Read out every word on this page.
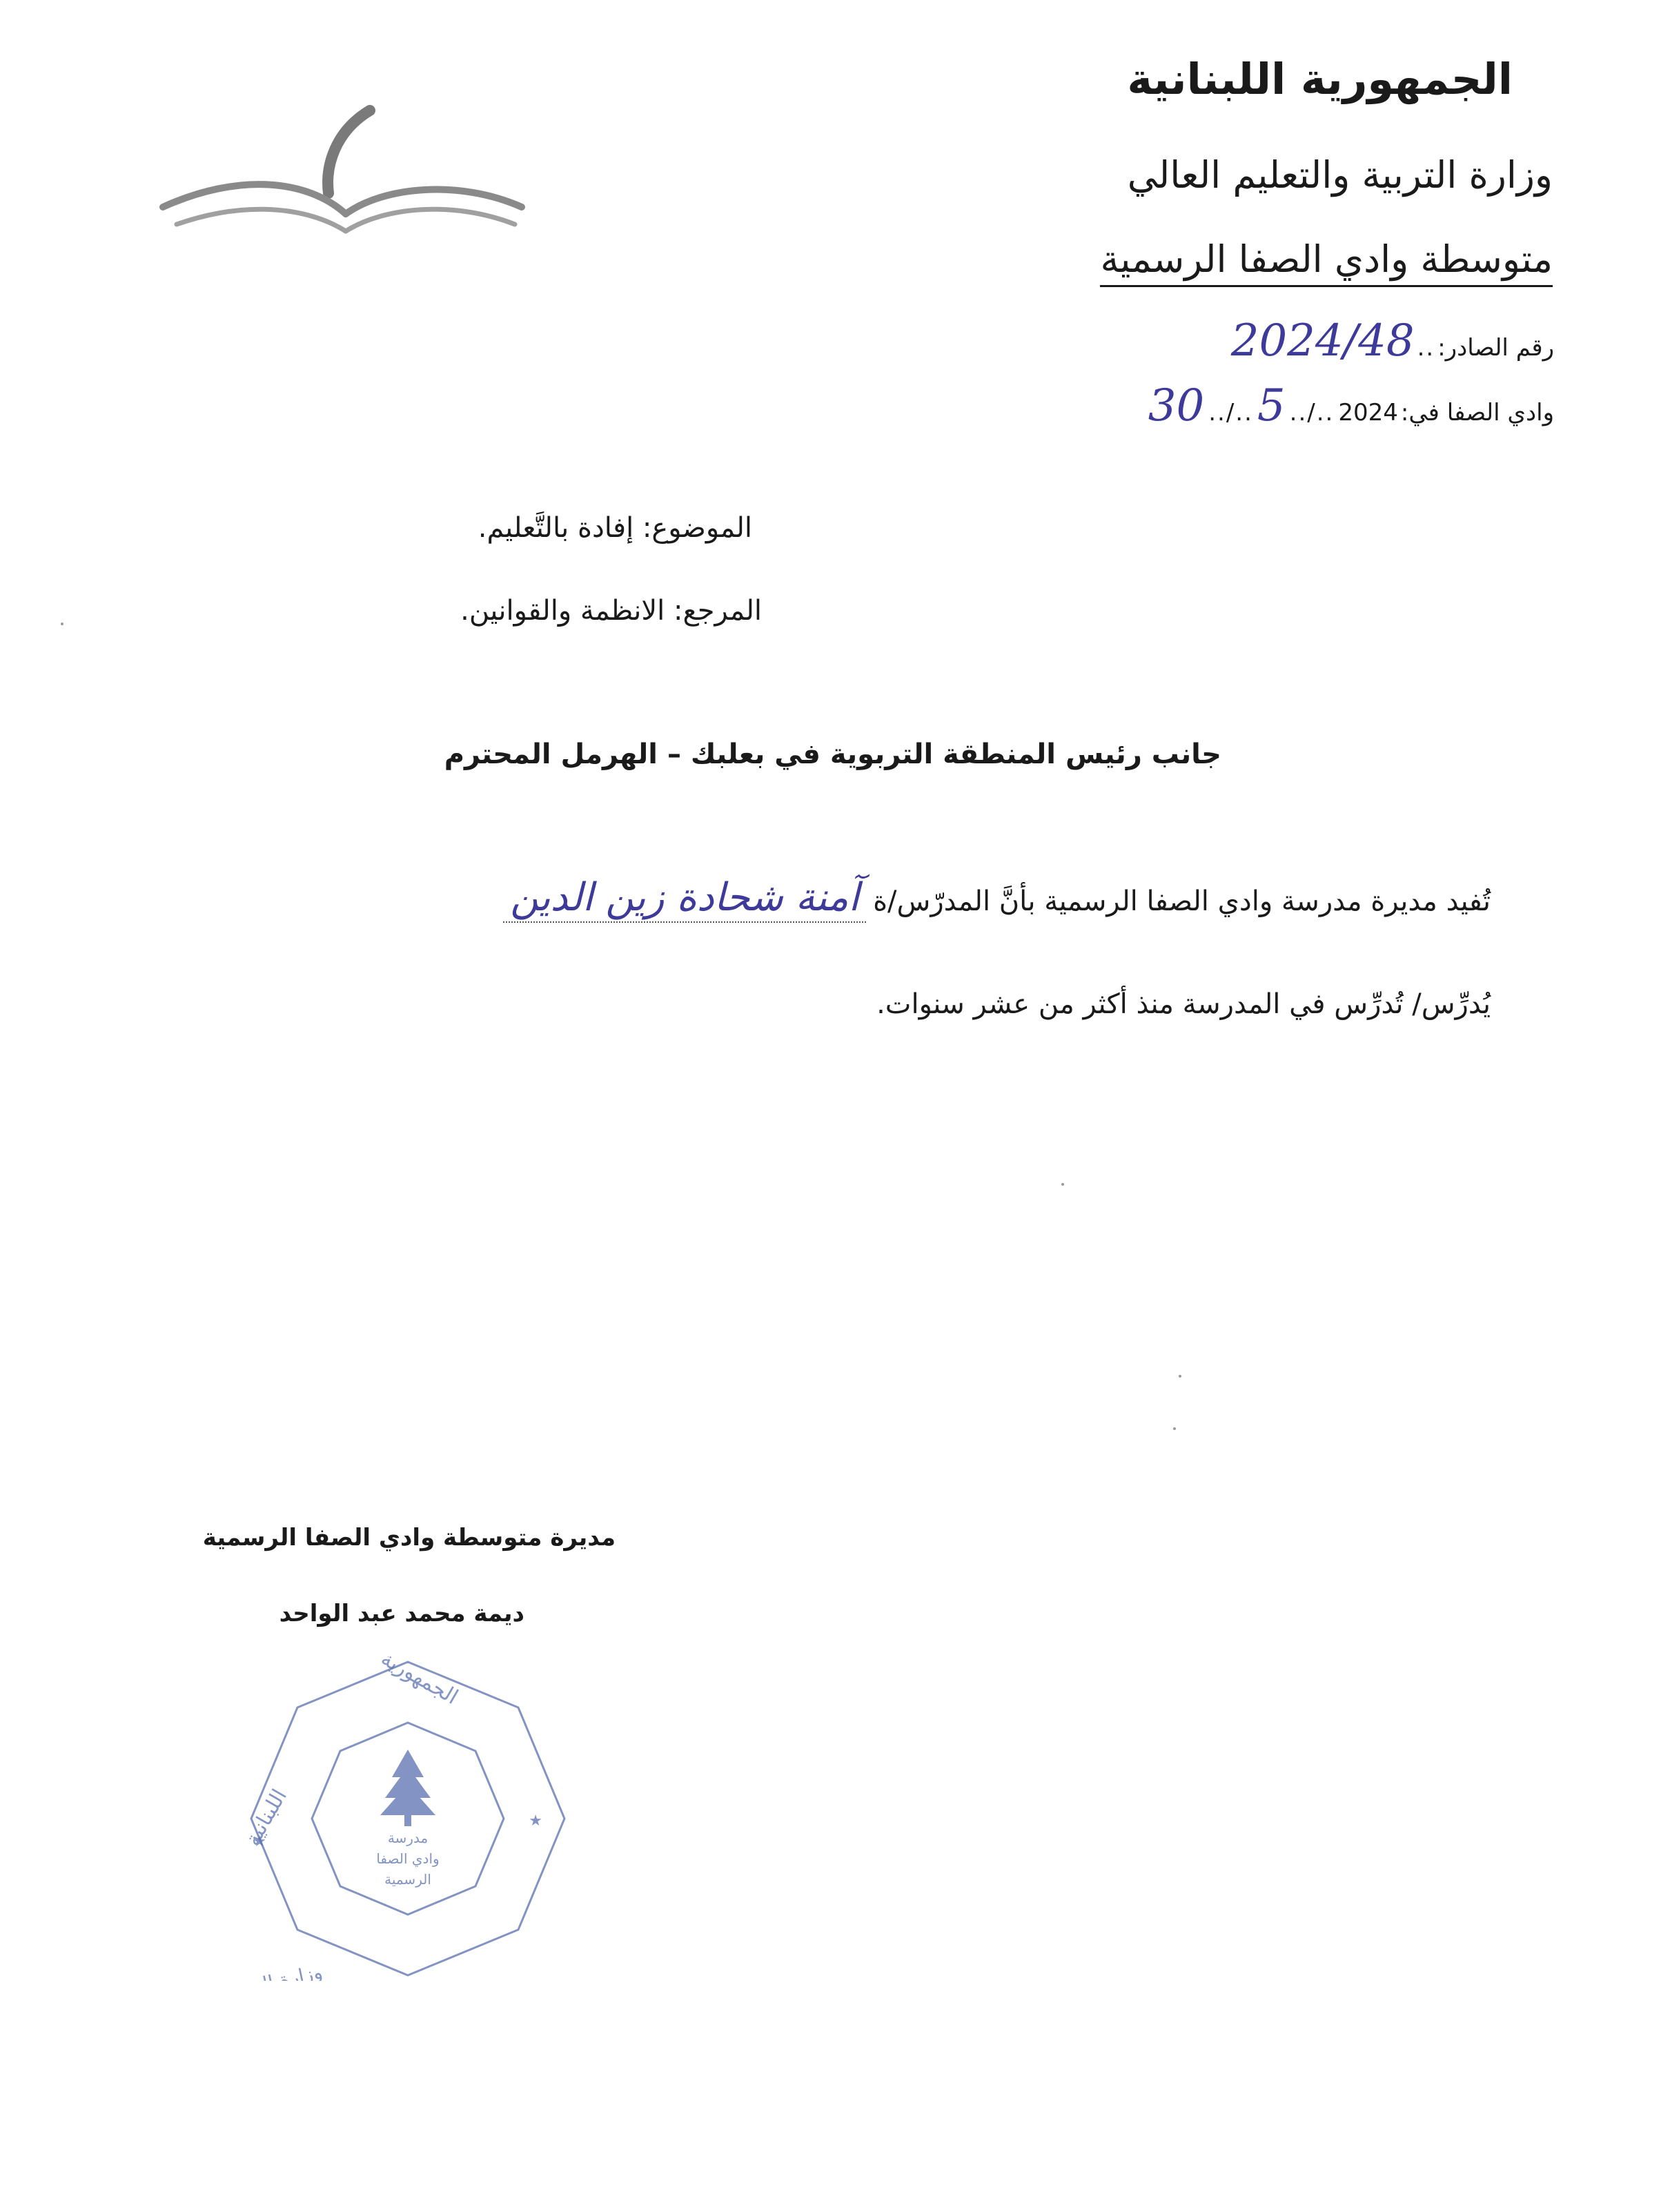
الجمهورية اللبنانية
وزارة التربية والتعليم العالي
متوسطة وادي الصفا الرسمية
رقم الصادر:
..
2024/48
وادي الصفا في:
30 ../.. 5 ../.. 2024
الموضوع: إفادة بالتَّعليم.
المرجع: الانظمة والقوانين.
جانب رئيس المنطقة التربوية في بعلبك – الهرمل المحترم
تُفيد مديرة مدرسة وادي الصفا الرسمية بأنَّ المدرّس/ة
آمنة شحادة زين الدين
يُدرِّس/ تُدرِّس في المدرسة منذ أكثر من عشر سنوات.
مديرة متوسطة وادي الصفا الرسمية
ديمة محمد عبد الواحد
الجمهورية
اللبنانية	مدرسة
وادي الصفا
الرسمية
★
★
